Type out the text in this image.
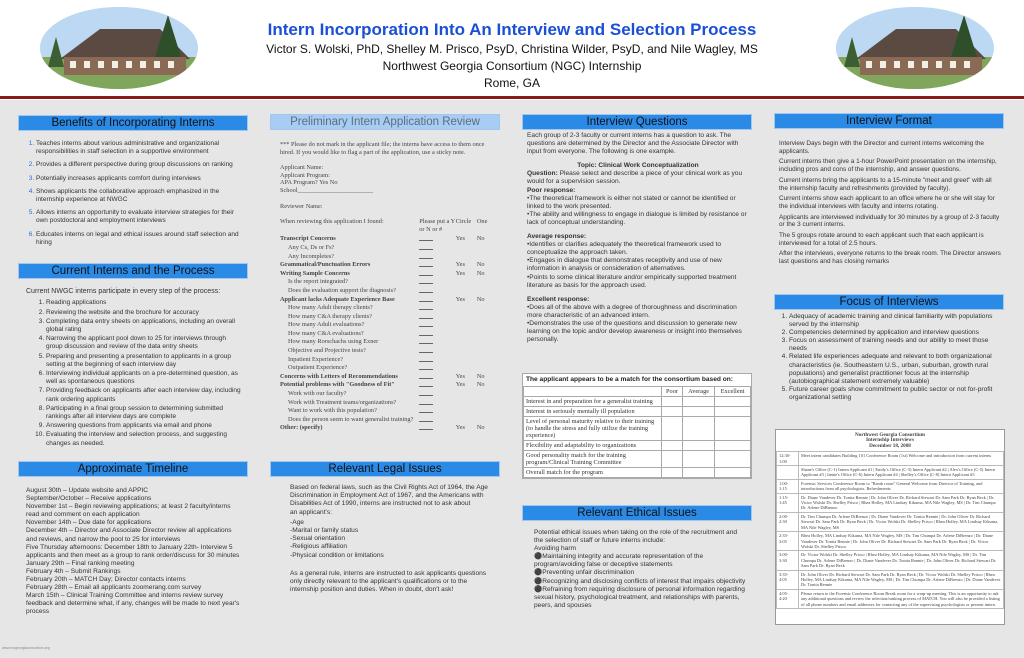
Intern Incorporation Into An Interview and Selection Process
Victor S. Wolski, PhD, Shelley M. Prisco, PsyD, Christina Wilder, PsyD, and Nile Wagley, MS
Northwest Georgia Consortium (NGC) Internship
Rome, GA
Benefits of Incorporating Interns
1. Teaches interns about various administrative and organizational responsibilities in staff selection in a supportive environment
2. Provides a different perspective during group discussions on ranking
3. Potentially increases applicants comfort during interviews
4. Shows applicants the collaborative approach emphasized in the internship experience at NWGC
5. Allows interns an opportunity to evaluate interview strategies for their own postdoctoral and employment interviews
6. Educates interns on legal and ethical issues around staff selection and hiring
Current Interns and the Process

Current NWGC interns participate in every step of the process:

1. Reading applications
2. Reviewing the website and the brochure for accuracy
3. Completing data entry sheets on applications, including an overall global rating
4. Narrowing the applicant pool down to 25 for interviews through group discussion and review of the data entry sheets
5. Preparing and presenting a presentation to applicants in a group setting at the beginning of each interview day
6. Interviewing individual applicants on a pre-determined question, as well as spontaneous questions
7. Providing feedback on applicants after each interview day, including rank ordering applicants
8. Participating in a final group session to determining submitted rankings after all interview days are complete
9. Answering questions from applicants via email and phone
10. Evaluating the interview and selection process, and suggesting changes as needed.
Approximate Timeline
August 30th – Update website and APPIC
September/October – Receive applications
November 1st – Begin reviewing applications; at least 2 faculty/interns read and comment on each application
November 14th – Due date for applications
December 4th – Director and Associate Director review all applications and reviews, and narrow the pool to 25 for interviews
Five Thursday afternoons: December 18th to January 22th- Interview 5 applicants and then meet as a group to rank order/discuss for 30 minutes
January 29th – Final ranking meeting
February 4th – Submit Rankings
February 20th – MATCH Day; Director contacts interns
February 28th – Email all applicants zoomerang.com survey
March 15th – Clinical Training Committee and interns review survey feedback and determine what, if any, changes will be made to next year's process
Preliminary Intern Application Review

*** Please do not mark in the applicant file; the interns have access to them once hired. If you would like to flag a part of the application, use a sticky note.

Applicant Name:
Applicant Program:
APA Program? Yes No
School________________________
Reviewer Name:
When reviewing this application I found:	Please put a Y or N or #
Circle One
Transcript Concerns	Yes	No
Any Cs, Ds or Fs?
Any Incompletes?
Grammatical/Punctuation Errors	Yes	No
Writing Sample Concerns	Yes	No
Is the report integrated?
Does the evaluation support the diagnosis?
Applicant lacks Adequate Experience Base	Yes	No
How many Adult therapy clients?
How many C&A therapy clients?
How many Adult evaluations?
How many C&A evaluations?
How many Rorschachs using Exner
Objective and Projective tests?
Inpatient Experience?
Outpatient Experience?
Concerns with Letters of Recommendations	Yes	No
Potential problems with "Goodness of Fit"	Yes	No
Work with our faculty?
Work with Treatment teams/organizations?
Want to work with this population?
Does the person seem to want generalist training?
Other: (specify)	Yes	No
Relevant Legal Issues
Based on federal laws, such as the Civil Rights Act of 1964, the Age Discrimination in Employment Act of 1967, and the Americans with Disabilities Act of 1990, interns are instructed not to ask about
an applicant's:
-Age
-Marital or family status
-Sexual orientation
-Religious affiliation
-Physical condition or limitations
As a general rule, interns are instructed to ask applicants questions only directly relevant to the applicant's qualifications or to the internship position and duties. When in doubt, don't ask!
Interview Questions

Each group of 2-3 faculty or current interns has a question to ask. The questions are determined by the Director and the Associate Director with input from everyone. The following is one example.

Topic: Clinical Work Conceptualization
Question: Please select and describe a piece of your clinical work as you would for a supervision session.
Poor response:
•The theoretical framework is either not stated or cannot be identified or linked to the work presented.
•The ability and willingness to engage in dialogue is limited by resistance or lack of conceptual understanding.
Average response:
•Identifies or clarifies adequately the theoretical framework used to conceptualize the approach taken.
•Engages in dialogue that demonstrates receptivity and use of new information in analysis or consideration of alternatives.
•Points to some clinical literature and/or empirically supported treatment literature as basis for the approach used.
Excellent response:
•Does all of the above with a degree of thoroughness and discrimination more characteristic of an advanced intern.
•Demonstrates the use of the questions and discussion to generate new learning on the topic and/or develop awareness or insight into themselves personally.
The applicant appears to be a match for the consortium based on:
	Poor	Average	Excellent
Interest in and preparation for a generalist training			
Interest in seriously mentally ill population			
Level of personal maturity relative to their training (to handle the stress and fully utilize the training experience)			
Flexibility and adaptability to organizations			
Good personality match for the training program/Clinical Training Committee			
Overall match for the program			
Relevant Ethical Issues
Potential ethical issues when taking on the role of the recruitment and the selection of staff or future interns include:
Avoiding harm
⚫Maintaining integrity and accurate representation of the program/avoiding false or deceptive statements
⚫Preventing unfair discrimination
⚫Recognizing and disclosing conflicts of interest that impairs objectivity
⚫Refraining from requiring disclosure of personal information regarding sexual history, psychological treatment, and relationships with parents, peers, and spouses
Interview Format

Interview Days begin with the Director and current interns welcoming the applicants.

Current interns then give a 1-hour PowerPoint presentation on the internship, including pros and cons of the internship, and answer questions.

Current interns bring the applicants to a 15-minute "meet and greet" with all the internship faculty and refreshments (provided by faculty).

Current interns show each applicant to an office where he or she will stay for the individual interviews with faculty and interns rotating.

Applicants are interviewed individually for 30 minutes by a group of 2-3 faculty or the 3 current interns.

The 5 groups rotate around to each applicant such that each applicant is interviewed for a total of 2.5 hours.

After the interviews, everyone returns to the break room. The Director answers last questions and has closing remarks

Focus of Interviews
1. Adequacy of academic training and clinical familiarity with populations served by the internship
2. Competencies determined by application and interview questions
3. Focus on assessment of training needs and our ability to meet those needs
4. Related life experiences adequate and relevant to both organizational characteristics (ie. Southeastern U.S., urban, suburban, growth rural populations) and generalist practitioner focus at the internship (autobiographical statement extremely valuable)
5. Future career goals show commitment to public sector or not for-profit organizational setting
Northwest Georgia Consortium
Internship Interviews
December 18, 2008
12:30-1:00	Meet intern candidates Building 101 Conference Room (1st) Welcome and introduction from current interns
	Shane's Office (C-1) Intern Applicant #1 | Emily's Office (C-3) Intern Applicant #2 | Alex's Office (C-5) Intern Applicant #3 | Jamie's Office (C-6) Intern Applicant #4 | Shelley's Office (C-8) Intern Applicant #5
1:00-1:15	Forensic Services Conference Room to "Break room" General Welcome from Director of Training, and introductions from all psychologists. Refreshments
1:15-1:45	Dr. Diane Vandever Dr. Tonita Rennie | Dr. John Oliver Dr. Richard Stewart Dr. Sam Park Dr. Ryan Beck | Dr. Victor Wolski Dr. Shelley Prisco | Rhea Holley, MA Lindsay Kikuma, MA Nile Wagley, MS | Dr. Tim Chumpa Dr. Arlene DiBrenzo
2:00-2:30	Dr. Tim Chumpa Dr. Arlene DiBrenzo | Dr. Diane Vandever Dr. Tonita Rennie | Dr. John Oliver Dr. Richard Stewart Dr. Sam Park Dr. Ryan Beck | Dr. Victor Wolski Dr. Shelley Prisco | Rhea Holley, MA Lindsay Kikuma, MA Nile Wagley, MS
2:35-3:05	Rhea Holley, MA Lindsay Kikuma, MA Nile Wagley, MS | Dr. Tim Chumpa Dr. Arlene DiBrenzo | Dr. Diane Vandever Dr. Tonita Rennie | Dr. John Oliver Dr. Richard Stewart Dr. Sam Park Dr. Ryan Beck | Dr. Victor Wolski Dr. Shelley Prisco
3:00-3:30	Dr. Victor Wolski Dr. Shelley Prisco | Rhea Holley, MA Lindsay Kikuma, MA Nile Wagley, MS | Dr. Tim Chumpa Dr. Arlene DiBrenzo | Dr. Diane Vandever Dr. Tonita Rennie | Dr. John Oliver Dr. Richard Stewart Dr. Sam Park Dr. Ryan Beck
3:35-4:05	Dr. John Oliver Dr. Richard Stewart Dr. Sam Park Dr. Ryan Beck | Dr. Victor Wolski Dr. Shelley Prisco | Rhea Holley, MA Lindsay Kikuma, MA Nile Wagley, MS | Dr. Tim Chumpa Dr. Arlene DiBrenzo | Dr. Diane Vandever Dr. Tonita Rennie
4:05-4:20	Please return to the Forensic Conference Room Break room for a wrap-up meeting. This is an opportunity to ask any additional questions and review the selection/ranking process of MATCH. You will also be provided a listing of all phone numbers and email addresses for contacting any of the supervising psychologists or present intern.
www.nwgeorgiaconsortium.org
